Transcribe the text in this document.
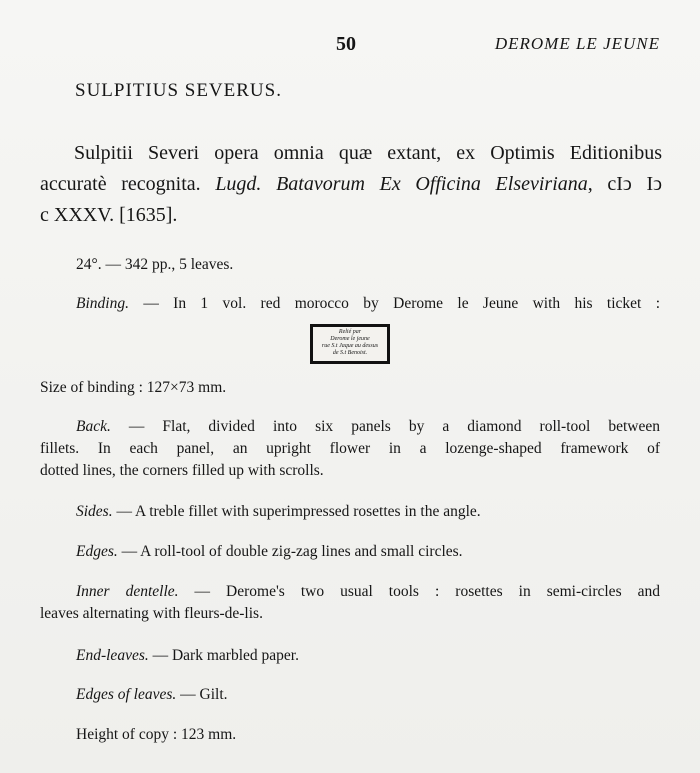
50	DEROME LE JEUNE
SULPITIUS SEVERUS.
Sulpitii Severi opera omnia quæ extant, ex Optimis Editionibus
accuratè recognita. Lugd. Batavorum Ex Officina Elseviriana, cIↄ Iↄ
c XXXV. [1635].
24°. — 342 pp., 5 leaves.
Binding. — In 1 vol. red morocco by Derome le Jeune with his ticket :
Relié par
Derome le jeune
rue S.t Jaque au dessus
de S.t Benoist.
Size of binding : 127×73 mm.
Back. — Flat, divided into six panels by a diamond roll-tool between
fillets. In each panel, an upright flower in a lozenge-shaped framework of
dotted lines, the corners filled up with scrolls.
Sides. — A treble fillet with superimpressed rosettes in the angle.
Edges. — A roll-tool of double zig-zag lines and small circles.
Inner dentelle. — Derome's two usual tools : rosettes in semi-circles and
leaves alternating with fleurs-de-lis.
End-leaves. — Dark marbled paper.
Edges of leaves. — Gilt.
Height of copy : 123 mm.
